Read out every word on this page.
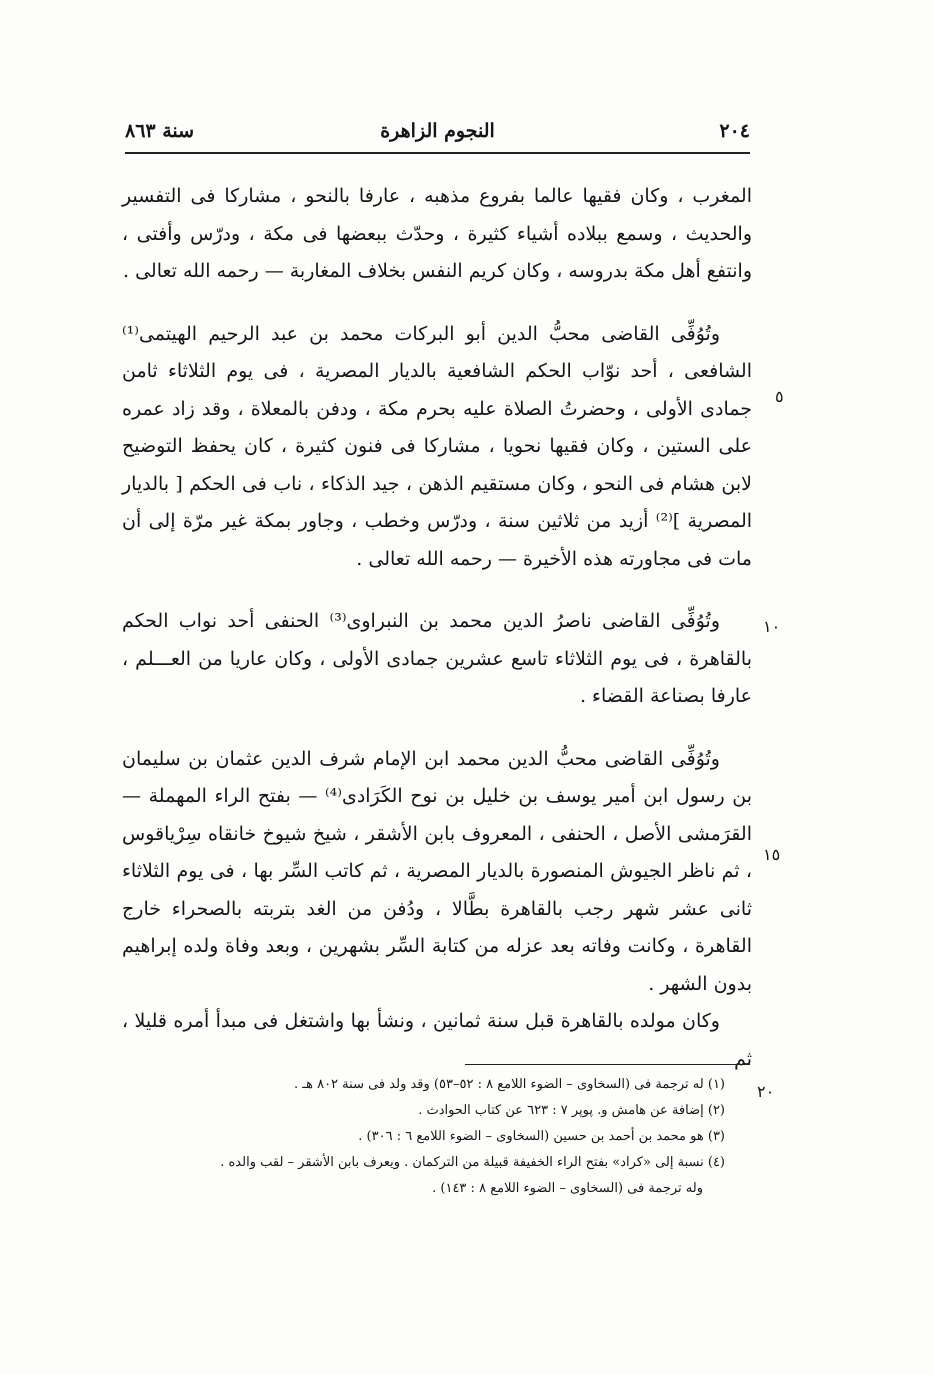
٢٠٤
النجوم الزاهرة
سنة ٨٦٣

المغرب ، وكان فقيها عالما بفروع مذهبه ، عارفا بالنحو ، مشاركا فى التفسير والحديث ، وسمع ببلاده أشياء كثيرة ، وحدّث ببعضها فى مكة ، ودرّس وأفتى ، وانتفع أهل مكة بدروسه ، وكان كريم النفس بخلاف المغاربة — رحمه الله تعالى .

وتُوُفِّى القاضى محبُّ الدين أبو البركات محمد بن عبد الرحيم الهيتمى⁽¹⁾ الشافعى ، أحد نوّاب الحكم الشافعية بالديار المصرية ، فى يوم الثلاثاء ثامن جمادى الأولى ، وحضرتُ الصلاة عليه بحرم مكة ، ودفن بالمعلاة ، وقد زاد عمره على الستين ، وكان فقيها نحويا ، مشاركا فى فنون كثيرة ، كان يحفظ التوضيح لابن هشام فى النحو ، وكان مستقيم الذهن ، جيد الذكاء ، ناب فى الحكم [ بالديار المصرية ]⁽²⁾ أزيد من ثلاثين سنة ، ودرّس وخطب ، وجاور بمكة غير مرّة إلى أن مات فى مجاورته هذه الأخيرة — رحمه الله تعالى .

وتُوُفِّى القاضى ناصرُ الدين محمد بن النبراوى⁽³⁾ الحنفى أحد نواب الحكم بالقاهرة ، فى يوم الثلاثاء تاسع عشرين جمادى الأولى ، وكان عاريا من العـــلم ، عارفا بصناعة القضاء .

وتُوُفِّى القاضى محبُّ الدين محمد ابن الإمام شرف الدين عثمان بن سليمان بن رسول ابن أمير يوسف بن خليل بن نوح الكَرَادى⁽⁴⁾ — بفتح الراء المهملة — القرَمشى الأصل ، الحنفى ، المعروف بابن الأشقر ، شيخ شيوخ خانقاه سِرْياقوس ، ثم ناظر الجيوش المنصورة بالديار المصرية ، ثم كاتب السِّر بها ، فى يوم الثلاثاء ثانى عشر شهر رجب بالقاهرة بطَّالا ، ودُفن من الغد بتربته بالصحراء خارج القاهرة ، وكانت وفاته بعد عزله من كتابة السِّر بشهرين ، وبعد وفاة ولده إبراهيم بدون الشهر .

وكان مولده بالقاهرة قبل سنة ثمانين ، ونشأ بها واشتغل فى مبدأ أمره قليلا ، ثم

٥
١٠
١٥
٢٠

(١) له ترجمة فى (السخاوى – الضوء اللامع ٨ : ٥٢–٥٣) وقد ولد فى سنة ٨٠٢ هـ .

(٢) إضافة عن هامش و. پوپر ٧ : ٦٢٣ عن كتاب الحوادث .

(٣) هو محمد بن أحمد بن حسين (السخاوى – الضوء اللامع ٦ : ٣٠٦) .

(٤) نسبة إلى «كراد» بفتح الراء الخفيفة قبيلة من التركمان . ويعرف بابن الأشقر – لقب والده .

وله ترجمة فى (السخاوى – الضوء اللامع ٨ : ١٤٣) .
